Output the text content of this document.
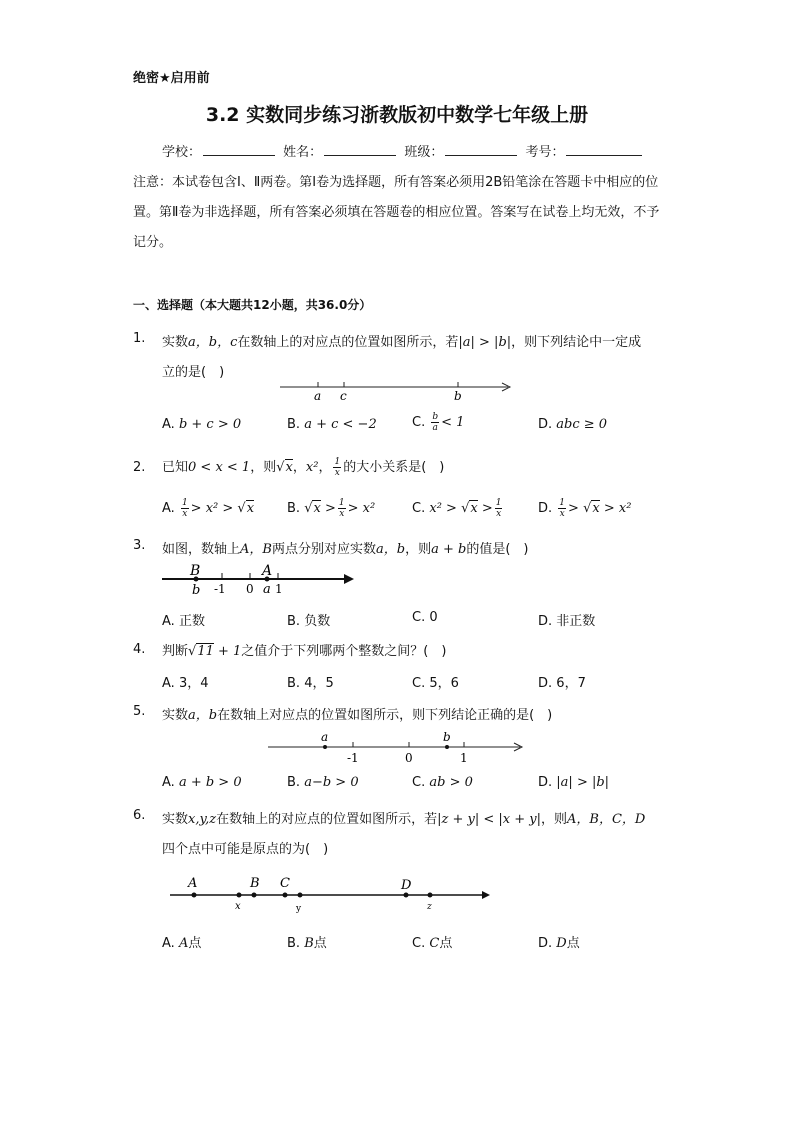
绝密★启用前
3.2 实数同步练习浙教版初中数学七年级上册
学校：	姓名：	班级：	考号：
注意：本试卷包含Ⅰ、Ⅱ两卷。第Ⅰ卷为选择题，所有答案必须用2B铅笔涂在答题卡中相应的位置。第Ⅱ卷为非选择题，所有答案必须填在答题卷的相应位置。答案写在试卷上均无效，不予记分。
一、选择题（本大题共12小题，共36.0分）
1. 实数a，b，c在数轴上的对应点的位置如图所示，若|a| > |b|，则下列结论中一定成
立的是(　)
a c	b
A. b + c > 0	B. a + c < −2	C. $\frac{b}{a} < 1$	D. abc ≥ 0
2. 已知0 < x < 1，则√x，x²， $\frac{1}{x}$ 的大小关系是(　)
A. $\frac{1}{x} > x^2 > √x$	B. $√x > \frac{1}{x} > x^2$	C. $x^2 > √x > \frac{1}{x}$	D. $\frac{1}{x} > √x > x^2$
3. 如图，数轴上A，B两点分别对应实数a，b，则a + b的值是(　)
B	A
b -1 0 a 1
A. 正数	B. 负数	C. 0	D. 非正数
4. 判断√11 + 1之值介于下列哪两个整数之间？(　)
A. 3，4	B. 4，5	C. 5，6	D. 6，7
5. 实数a，b在数轴上对应点的位置如图所示，则下列结论正确的是(　)
a	b
-1	0	1
A. a + b > 0	B. a−b > 0	C. ab > 0	D. |a| > |b|
6. 实数x,y,z在数轴上的对应点的位置如图所示，若|z + y| < |x + y|，则A，B，C，D
四个点中可能是原点的为(　)
A	B C	D
x	y	z
A. A点	B. B点	C. C点	D. D点
